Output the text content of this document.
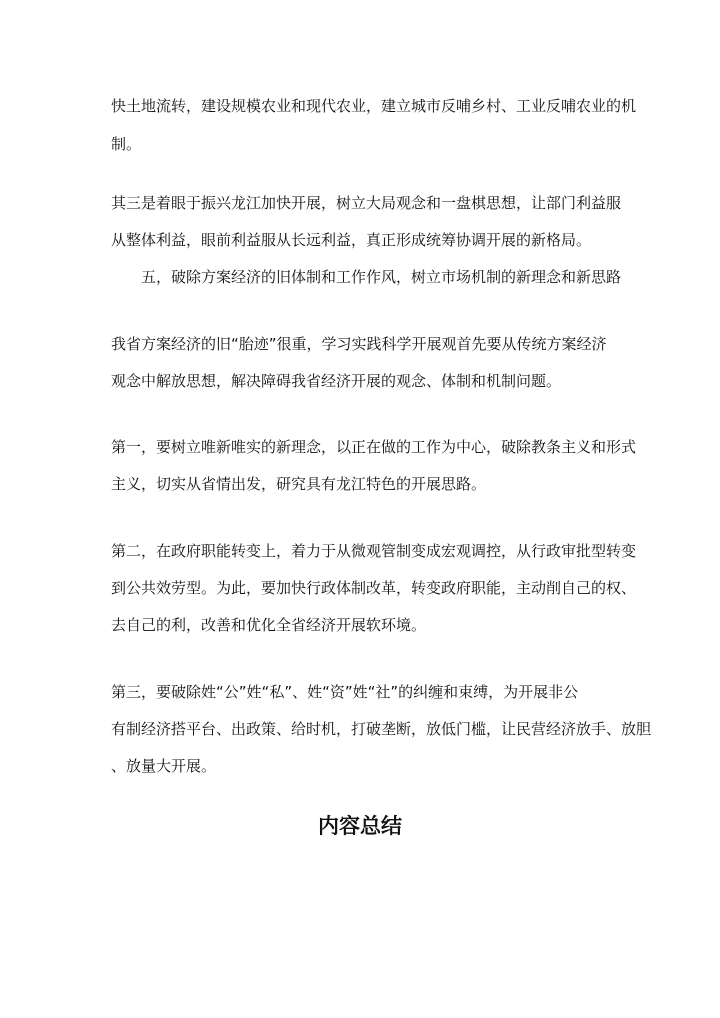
快土地流转，建设规模农业和现代农业，建立城市反哺乡村、工业反哺农业的机

制。

其三是着眼于振兴龙江加快开展，树立大局观念和一盘棋思想，让部门利益服

从整体利益，眼前利益服从长远利益，真正形成统筹协调开展的新格局。

五，破除方案经济的旧体制和工作作风，树立市场机制的新理念和新思路

我省方案经济的旧“胎迹”很重，学习实践科学开展观首先要从传统方案经济

观念中解放思想，解决障碍我省经济开展的观念、体制和机制问题。

第一，要树立唯新唯实的新理念，以正在做的工作为中心，破除教条主义和形式

主义，切实从省情出发，研究具有龙江特色的开展思路。

第二，在政府职能转变上，着力于从微观管制变成宏观调控，从行政审批型转变

到公共效劳型。为此，要加快行政体制改革，转变政府职能，主动削自己的权、

去自己的利，改善和优化全省经济开展软环境。

第三，要破除姓“公”姓“私”、姓“资”姓“社”的纠缠和束缚，为开展非公

有制经济搭平台、出政策、给时机，打破垄断，放低门槛，让民营经济放手、放胆

、放量大开展。

内容总结
